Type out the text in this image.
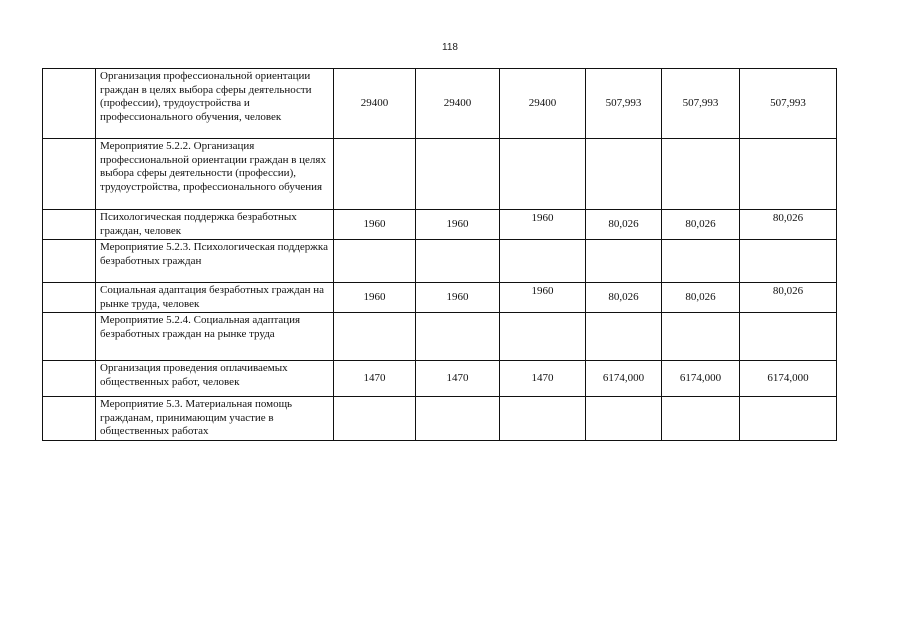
118
	Организация профессиональной ориентации граждан в целях выбора сферы деятельности (профессии), трудоустройства и профессионального обучения, человек	29400	29400	29400	507,993	507,993	507,993
	Мероприятие 5.2.2. Организация профессиональной ориентации граждан в целях выбора сферы деятельности (профессии), трудоустройства, профессионального обучения						
	Психологическая поддержка безработных граждан, человек	1960	1960	1960	80,026	80,026	80,026
	Мероприятие 5.2.3. Психологическая поддержка безработных граждан						
	Социальная адаптация безработных граждан на рынке труда, человек	1960	1960	1960	80,026	80,026	80,026
	Мероприятие 5.2.4. Социальная адаптация безработных граждан на рынке труда						
	Организация проведения оплачиваемых общественных работ, человек	1470	1470	1470	6174,000	6174,000	6174,000
	Мероприятие 5.3. Материальная помощь гражданам, принимающим участие в общественных работах						
